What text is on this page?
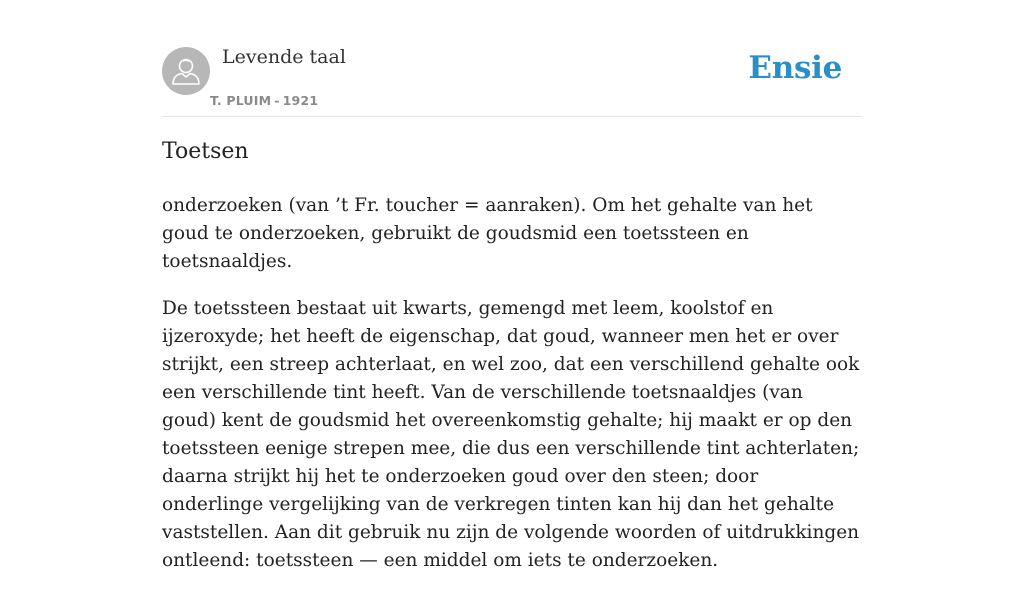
Levende taal
T. PLUIM - 1921
Ensie
Toetsen

onderzoeken (van ’t Fr. toucher = aanraken). Om het gehalte van het goud te onderzoeken, gebruikt de goudsmid een toetssteen en toetsnaaldjes.

De toetssteen bestaat uit kwarts, gemengd met leem, koolstof en ijzeroxyde; het heeft de eigenschap, dat goud, wanneer men het er over strijkt, een streep achterlaat, en wel zoo, dat een verschillend gehalte ook een verschillende tint heeft. Van de verschillende toetsnaaldjes (van goud) kent de goudsmid het overeenkomstig gehalte; hij maakt er op den toetssteen eenige strepen mee, die dus een verschillende tint achterlaten; daarna strijkt hij het te onderzoeken goud over den steen; door onderlinge vergelijking van de verkregen tinten kan hij dan het gehalte vaststellen. Aan dit gebruik nu zijn de volgende woorden of uitdrukkingen ontleend: toetssteen — een middel om iets te onderzoeken.
